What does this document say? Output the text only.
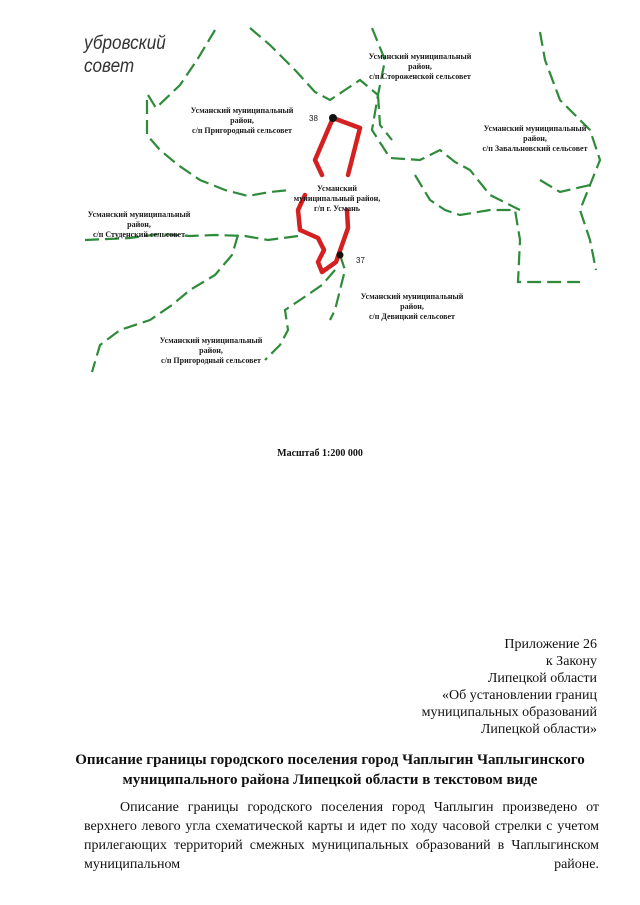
убровский
совет	Усманский муниципальный
район,
с/п Стороженской сельсовет
Усманский муниципальный
район,
с/п Пригородный сельсовет	Усманский муниципальный
район,
с/п Завальновский сельсовет
Усманский
муниципальный район,
г/п г. Усмань
Усманский муниципальный
район,
с/п Студенский сельсовет
Усманский муниципальный
район,
с/п Девицкий сельсовет
Усманский муниципальный
район,
с/п Пригородный сельсовет
38
37
Масштаб 1:200 000
Приложение 26
к Закону
Липецкой области
«Об установлении границ
муниципальных образований
Липецкой области»
Описание границы городского поселения город Чаплыгин Чаплыгинского
муниципального района Липецкой области в текстовом виде
Описание границы городского поселения город Чаплыгин произведено от верхнего левого угла схематической карты и идет по ходу часовой стрелки с учетом прилегающих территорий смежных муниципальных образований в Чаплыгинском муниципальном районе.
